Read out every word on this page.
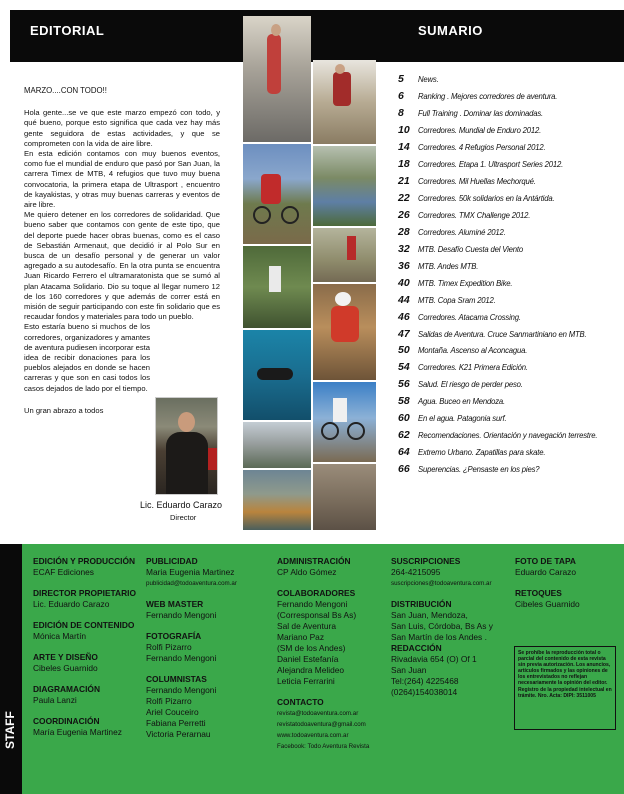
EDITORIAL	SUMARIO
MARZO....CON TODO!!

Hola gente...se ve que este marzo empezó con todo, y qué bueno, porque esto significa que cada vez hay más gente seguidora de estas actividades, y que se comprometen con la vida de aire libre.

En esta edición contamos con muy buenos eventos, como fue el mundial de enduro que pasó por San Juan, la carrera Timex de MTB, 4 refugios que tuvo muy buena convocatoria, la primera etapa de Ultrasport , encuentro de kayakistas, y otras muy buenas carreras y eventos de aire libre.

Me quiero detener en los corredores de solidaridad. Que bueno saber que contamos con gente de este tipo, que del deporte puede hacer obras buenas, como es el caso de Sebastián Armenaut, que decidió ir al Polo Sur en busca de un desafío personal y de generar un valor agregado a su autodesafío. En la otra punta se encuentra Juan Ricardo Ferrero el ultramaratonista que se sumó al plan Atacama Solidario. Dio su toque al llegar numero 12 de los 160 corredores y que además de correr está en misión de seguir participando con este fin solidario que es recaudar fondos y materiales para todo un pueblo.

Esto estaría bueno si muchos de los corredores, organizadores y amantes de aventura pudiesen incorporar esta idea de recibir donaciones para los pueblos alejados en donde se hacen carreras y que son en casi todos los casos dejados de lado por el tiempo.

Un gran abrazo a todos

Lic. Eduardo Carazo
Director
5	News.
6	Ranking . Mejores corredores de aventura.
8	Full Training . Dominar las dominadas.
10 Corredores. Mundial de Enduro 2012.
14 Corredores. 4 Refugios Personal 2012.
18 Corredores. Etapa 1. Ultrasport Series 2012.
21 Corredores. Mil Huellas Mechorqué.
22 Corredores. 50k solidarios en la Antártida.
26 Corredores. TMX Challenge 2012.
28 Corredores. Aluminé 2012.
32 MTB. Desafío Cuesta del Viento
36 MTB. Andes MTB.
40 MTB. Timex Expedition Bike.
44 MTB. Copa Sram 2012.
46 Corredores. Atacama Crossing.
47 Salidas de Aventura. Cruce Sanmartiniano en MTB.
50 Montaña. Ascenso al Aconcagua.
54 Corredores. K21 Primera Edición.
56 Salud. El riesgo de perder peso.
58 Agua. Buceo en Mendoza.
60 En el agua. Patagonia surf.
62 Recomendaciones. Orientación y navegación terrestre.
64 Extremo Urbano. Zapatillas para skate.
66 Superencias. ¿Pensaste en los pies?
STAFF
EDICIÓN Y PRODUCCIÓN
ECAF Ediciones
DIRECTOR PROPIETARIO
Lic. Eduardo Carazo
EDICIÓN DE CONTENIDO
Mónica Martín
ARTE Y DISEÑO
Cibeles Guarnido
DIAGRAMACIÓN
Paula Lanzi
COORDINACIÓN
María Eugenia Martinez
PUBLICIDAD
Maria Eugenia Martinez
publicidad@todoaventura.com.ar
WEB MASTER
Fernando Mengoni
FOTOGRAFÍA
Rolfi Pizarro
Fernando Mengoni
COLUMNISTAS
Fernando Mengoni
Rolfi Pizarro
Ariel Couceiro
Fabiana Perretti
Victoria Perarnau
ADMINISTRACIÓN
CP Aldo Gómez
COLABORADORES
Fernando Mengoni
(Corresponsal Bs As)
Sal de Aventura
Mariano Paz
(SM de los Andes)
Daniel Estefanía
Alejandra Melideo
Leticia Ferrarini
CONTACTO
revista@todoaventura.com.ar
revistatodoaventura@gmail.com
www.todoaventura.com.ar
Facebook: Todo Aventura Revista
SUSCRIPCIONES
264-4215095
suscripciones@todoaventura.com.ar
DISTRIBUCIÓN
San Juan, Mendoza,
San Luis, Córdoba, Bs As y
San Martín de los Andes .
REDACCIÓN
Rivadavia 654 (O) Of 1
San Juan
Tel:(264) 4225468
(0264)154038014
FOTO DE TAPA
Eduardo Carazo
RETOQUES
Cibeles Guarnido
Se prohíbe la reproducción total o parcial del contenido de esta revista sin previa autorización. Los anuncios, artículos firmados y las opiniones de los entrevistados no reflejan necesariamente la opinión del editor. Registro de la propiedad intelectual en trámite. Nro. Acta: DIPI: 3511005
